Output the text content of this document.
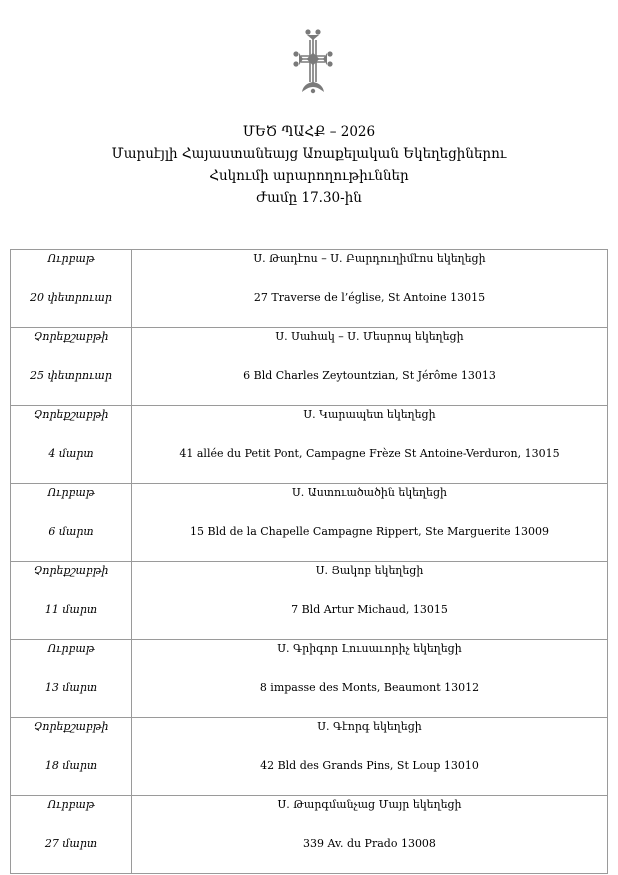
ՄԵԾ ՊԱՀՔ – 2026
Մարսէյլի Հայաստանեայց Առաքելական Եկեղեցիներու
Հսկումի արարողութիւններ
Ժամը 17.30-ին
Ուրբաթ
20 փետրուար	Ս. Թադէոս – Ս. Բարդուղիմէոս եկեղեցի
27 Traverse de l’église, St Antoine 13015

Չորեքշաբթի
25 փետրուար	Ս. Սահակ – Ս. Մեսրոպ եկեղեցի
6 Bld Charles Zeytountzian, St Jérôme 13013

Չորեքշաբթի
4 մարտ	Ս. Կարապետ եկեղեցի
41 allée du Petit Pont, Campagne Frèze St Antoine-Verduron, 13015

Ուրբաթ
6 մարտ	Ս. Աստուածածին եկեղեցի
15 Bld de la Chapelle Campagne Rippert, Ste Marguerite 13009

Չորեքշաբթի
11 մարտ	Ս. Յակոբ եկեղեցի
7 Bld Artur Michaud, 13015

Ուրբաթ
13 մարտ	Ս. Գրիգոր Լուսաւորիչ եկեղեցի
8 impasse des Monts, Beaumont 13012

Չորեքշաբթի
18 մարտ	Ս. Գէորգ եկեղեցի
42 Bld des Grands Pins, St Loup 13010

Ուրբաթ
27 մարտ	Ս. Թարգմանչաց Մայր եկեղեցի
339 Av. du Prado 13008
